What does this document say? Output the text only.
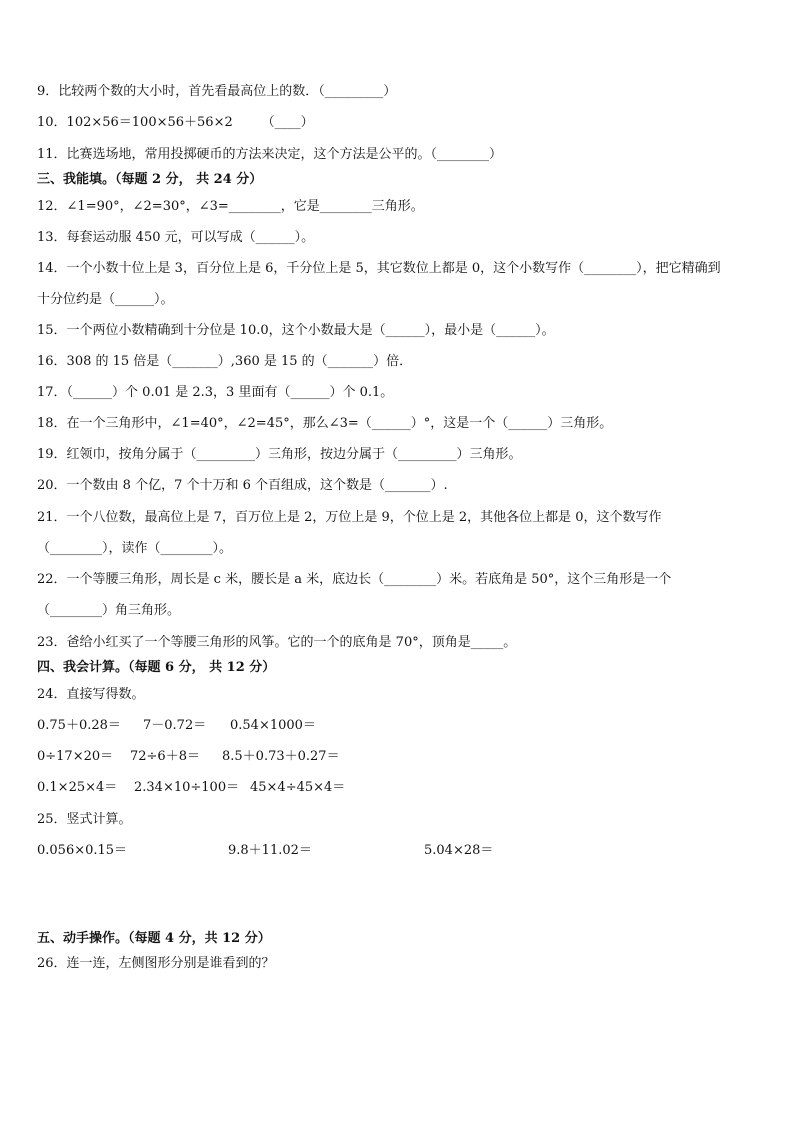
9．比较两个数的大小时，首先看最高位上的数．（_________）
10．102×56＝100×56＋56×2       （____）
11．比赛选场地，常用投掷硬币的方法来决定，这个方法是公平的。（________）
三、我能填。（每题 2 分， 共 24 分）
12．∠1=90°，∠2=30°，∠3=________，它是________三角形。
13．每套运动服 450 元，可以写成（______）。
14．一个小数十位上是 3，百分位上是 6，千分位上是 5，其它数位上都是 0，这个小数写作（________），把它精确到
十分位约是（______）。
15．一个两位小数精确到十分位是 10.0，这个小数最大是（______），最小是（______）。
16．308 的 15 倍是（_______）,360 是 15 的（_______）倍．
17．（______）个 0.01 是 2.3，3 里面有（______）个 0.1。
18．在一个三角形中，∠1=40°，∠2=45°，那么∠3=（______）°，这是一个（______）三角形。
19．红领巾，按角分属于（_________）三角形，按边分属于（_________）三角形。
20．一个数由 8 个亿，7 个十万和 6 个百组成，这个数是（_______）.
21．一个八位数，最高位上是 7，百万位上是 2，万位上是 9，个位上是 2，其他各位上都是 0，这个数写作
（________），读作（________）。
22．一个等腰三角形，周长是 c 米，腰长是 a 米，底边长（________）米。若底角是 50°，这个三角形是一个
（________）角三角形。
23．爸给小红买了一个等腰三角形的风筝。它的一个的底角是 70°，顶角是_____。
四、我会计算。（每题 6 分， 共 12 分）
24．直接写得数。
0.75＋0.28＝ 7－0.72＝ 0.54×1000＝
0÷17×20＝ 72÷6＋8＝ 8.5＋0.73＋0.27＝
0.1×25×4＝ 2.34×10÷100＝ 45×4÷45×4＝
25．竖式计算。
0.056×0.15＝	9.8＋11.02＝	5.04×28＝
五、动手操作。（每题 4 分，共 12 分）
26．连一连，左侧图形分别是谁看到的？
